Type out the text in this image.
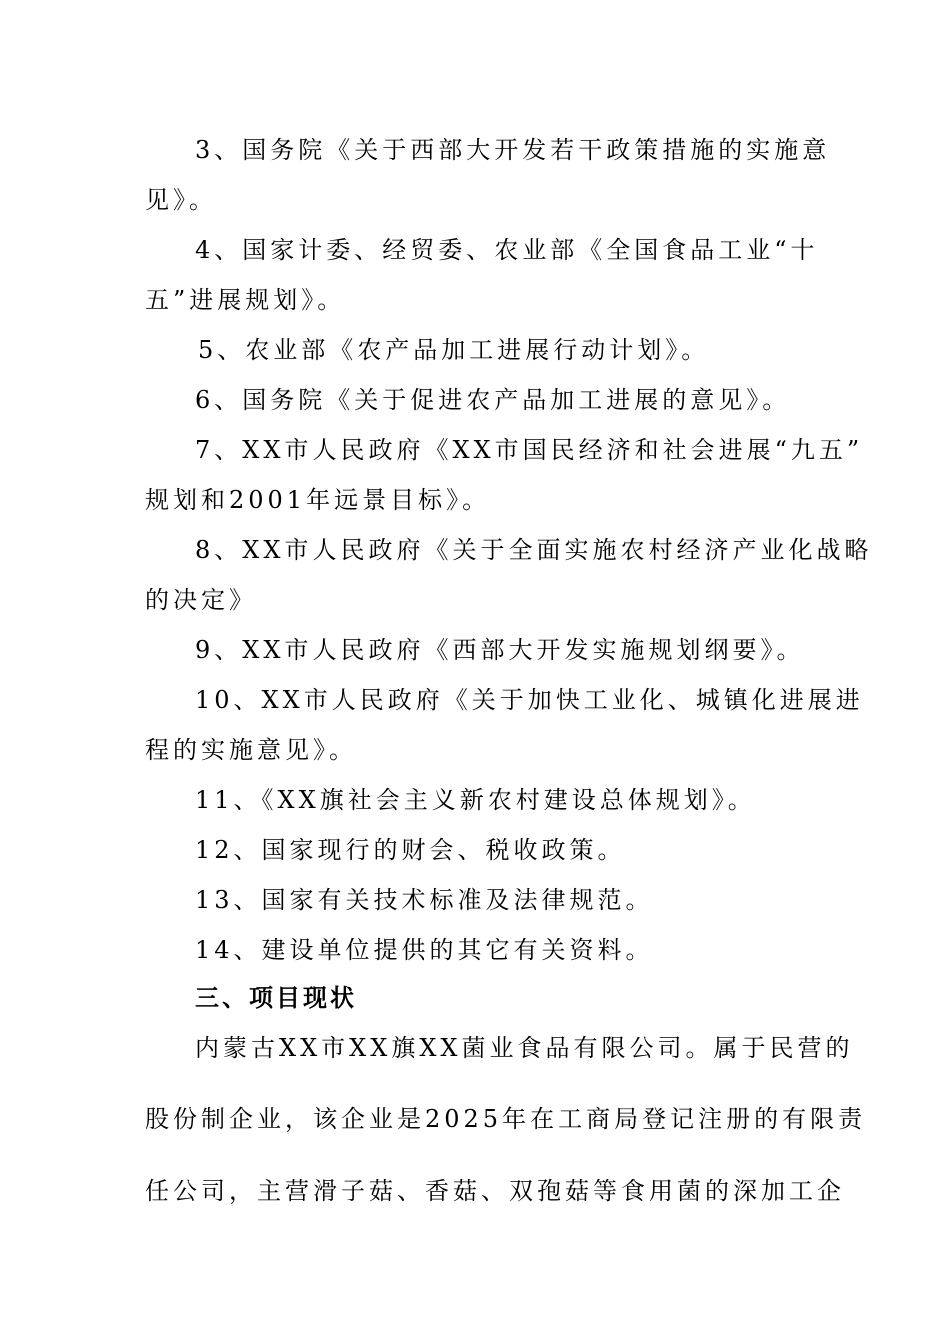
3、国务院《关于西部大开发若干政策措施的实施意
见》。
4、国家计委、经贸委、农业部《全国食品工业“十
五”进展规划》。
5、农业部《农产品加工进展行动计划》。
6、国务院《关于促进农产品加工进展的意见》。
7、XX市人民政府《XX市国民经济和社会进展“九五”
规划和2001年远景目标》。
8、XX市人民政府《关于全面实施农村经济产业化战略
的决定》
9、XX市人民政府《西部大开发实施规划纲要》。
10、XX市人民政府《关于加快工业化、城镇化进展进
程的实施意见》。
11、《XX旗社会主义新农村建设总体规划》。
12、国家现行的财会、税收政策。
13、国家有关技术标准及法律规范。
14、建设单位提供的其它有关资料。
三、项目现状
内蒙古XX市XX旗XX菌业食品有限公司。属于民营的
股份制企业，该企业是2025年在工商局登记注册的有限责
任公司，主营滑子菇、香菇、双孢菇等食用菌的深加工企
